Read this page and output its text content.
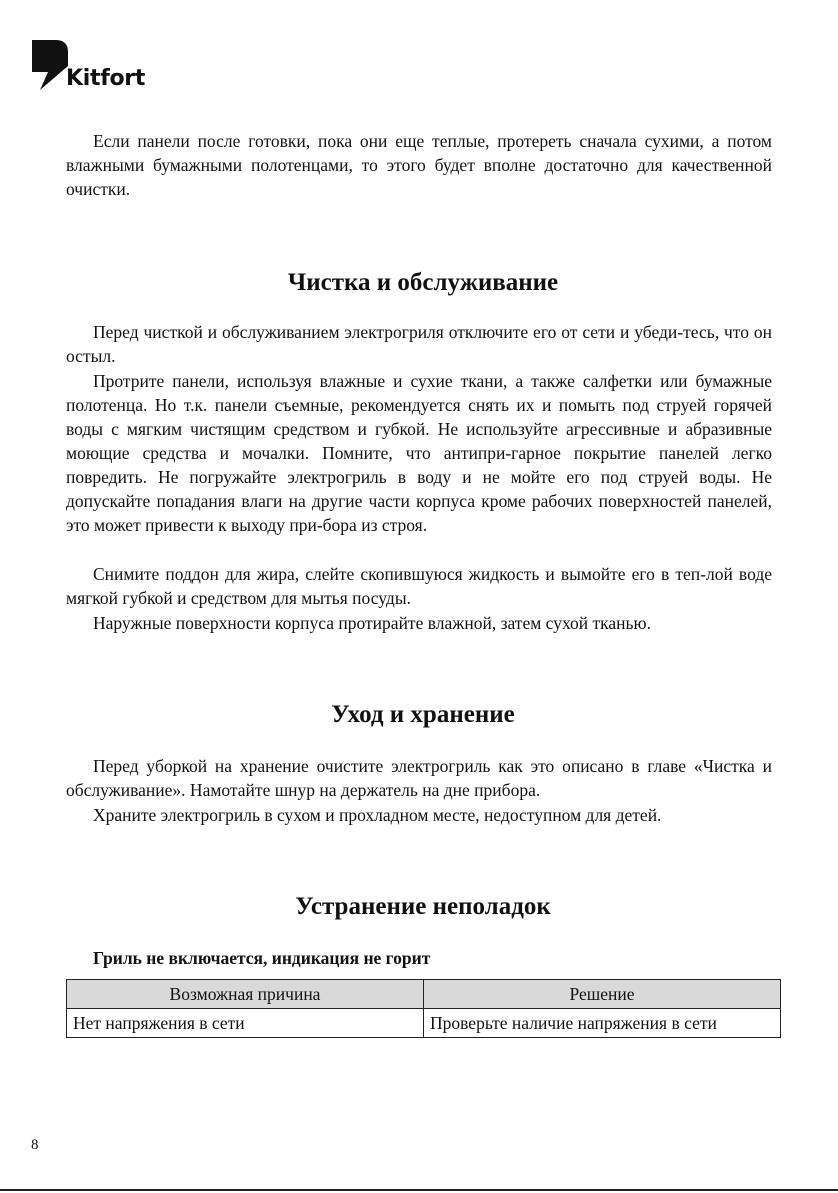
Kitfort

Если панели после готовки, пока они еще теплые, протереть сначала сухими, а потом влажными бумажными полотенцами, то этого будет вполне достаточно для качественной очистки.

Чистка и обслуживание

Перед чисткой и обслуживанием электрогриля отключите его от сети и убеди-тесь, что он остыл.

Протрите панели, используя влажные и сухие ткани, а также салфетки или бумажные полотенца. Но т.к. панели съемные, рекомендуется снять их и помыть под струей горячей воды с мягким чистящим средством и губкой. Не используйте агрессивные и абразивные моющие средства и мочалки. Помните, что антипри-гарное покрытие панелей легко повредить. Не погружайте электрогриль в воду и не мойте его под струей воды. Не допускайте попадания влаги на другие части корпуса кроме рабочих поверхностей панелей, это может привести к выходу при-бора из строя.

Снимите поддон для жира, слейте скопившуюся жидкость и вымойте его в теп-лой воде мягкой губкой и средством для мытья посуды.

Наружные поверхности корпуса протирайте влажной, затем сухой тканью.

Уход и хранение

Перед уборкой на хранение очистите электрогриль как это описано в главе «Чистка и обслуживание». Намотайте шнур на держатель на дне прибора.

Храните электрогриль в сухом и прохладном месте, недоступном для детей.

Устранение неполадок

Гриль не включается, индикация не горит

Возможная причина	Решение
Нет напряжения в сети	Проверьте наличие напряжения в сети
8
